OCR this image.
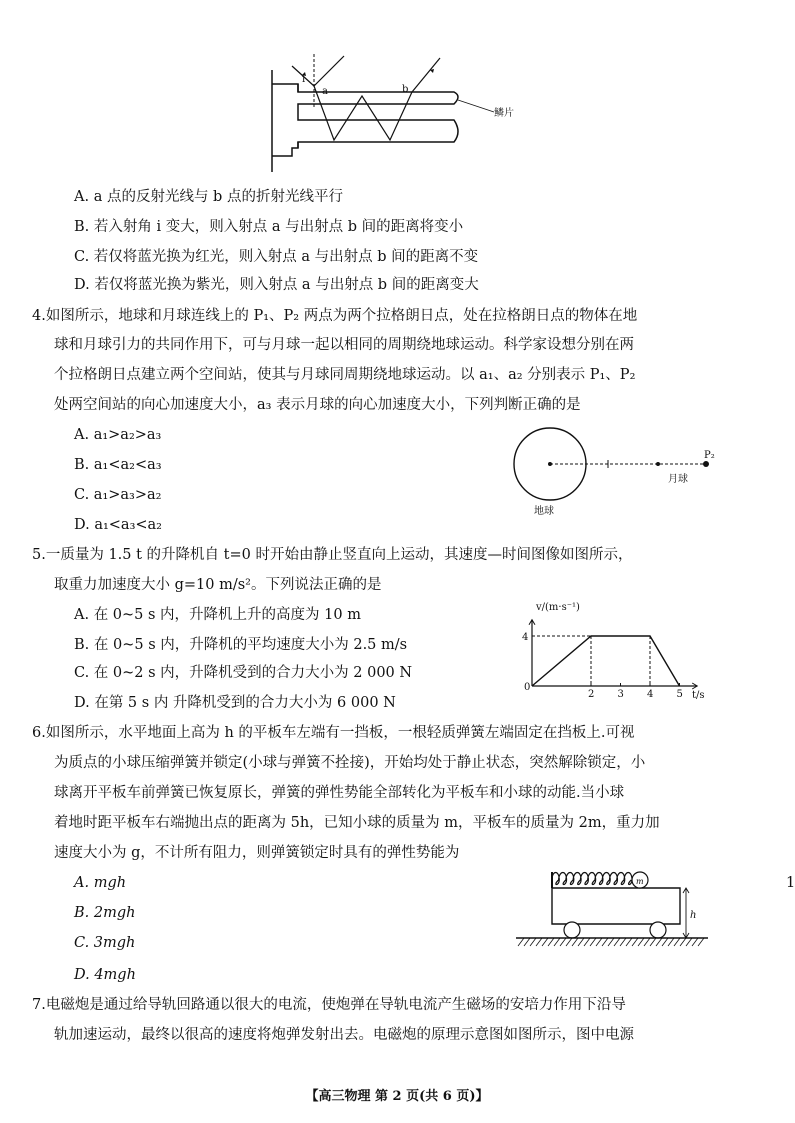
i
a	b
鳞片
A. a 点的反射光线与 b 点的折射光线平行
B. 若入射角 i 变大，则入射点 a 与出射点 b 间的距离将变小
C. 若仅将蓝光换为红光，则入射点 a 与出射点 b 间的距离不变
D. 若仅将蓝光换为紫光，则入射点 a 与出射点 b 间的距离变大
4.如图所示，地球和月球连线上的 P₁、P₂ 两点为两个拉格朗日点，处在拉格朗日点的物体在地
球和月球引力的共同作用下，可与月球一起以相同的周期绕地球运动。科学家设想分别在两
个拉格朗日点建立两个空间站，使其与月球同周期绕地球运动。以 a₁、a₂ 分别表示 P₁、P₂
处两空间站的向心加速度大小，a₃ 表示月球的向心加速度大小，下列判断正确的是
A. a₁>a₂>a₃
B. a₁<a₂<a₃
C. a₁>a₃>a₂
D. a₁<a₃<a₂
地球
月球
P₂
5.一质量为 1.5 t 的升降机自 t=0 时开始由静止竖直向上运动，其速度—时间图像如图所示，
取重力加速度大小 g=10 m/s²。下列说法正确的是
A. 在 0~5 s 内，升降机上升的高度为 10 m
B. 在 0~5 s 内，升降机的平均速度大小为 2.5 m/s
C. 在 0~2 s 内，升降机受到的合力大小为 2 000 N
D. 在第 5 s 内 升降机受到的合力大小为 6 000 N
2 3 4 5
4
v/(m·s⁻¹)
t/s
0
6.如图所示，水平地面上高为 h 的平板车左端有一挡板，一根轻质弹簧左端固定在挡板上.可视
为质点的小球压缩弹簧并锁定(小球与弹簧不拴接)，开始均处于静止状态，突然解除锁定，小
球离开平板车前弹簧已恢复原长，弹簧的弹性势能全部转化为平板车和小球的动能.当小球
着地时距平板车右端抛出点的距离为 5h，已知小球的质量为 m，平板车的质量为 2m，重力加
速度大小为 g，不计所有阻力，则弹簧锁定时具有的弹性势能为
A. mgh
B. 2mgh
C. 3mgh
D. 4mgh
1
m
h
7.电磁炮是通过给导轨回路通以很大的电流，使炮弹在导轨电流产生磁场的安培力作用下沿导
轨加速运动，最终以很高的速度将炮弹发射出去。电磁炮的原理示意图如图所示，图中电源
【高三物理 第 2 页(共 6 页)】
